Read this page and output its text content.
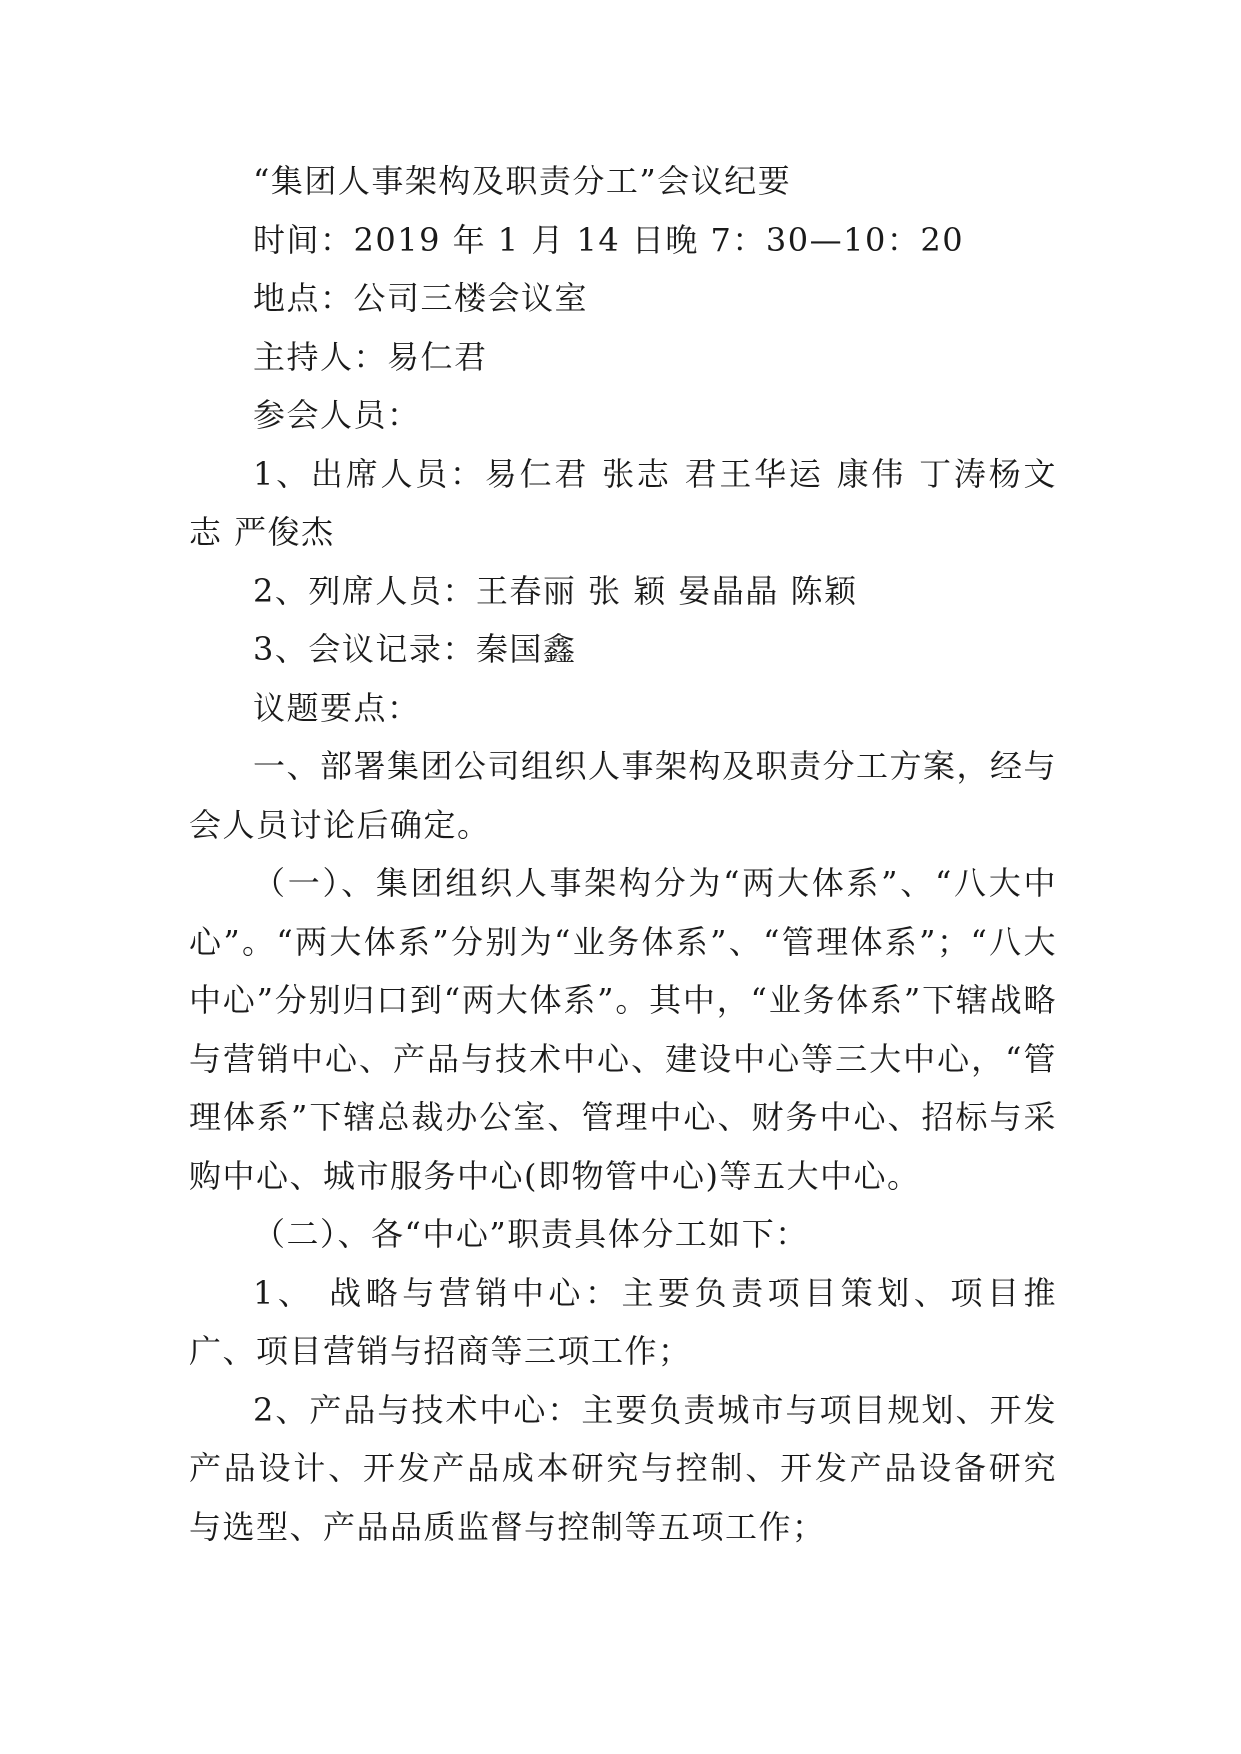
“集团人事架构及职责分工”会议纪要

时间：2019 年 1 月 14 日晚 7：30—10：20

地点：公司三楼会议室

主持人：易仁君

参会人员：

1、出席人员：易仁君 张志 君王华运 康伟 丁涛杨文志 严俊杰

2、列席人员：王春丽 张 颖 晏晶晶 陈颖

3、会议记录：秦国鑫

议题要点：

一、部署集团公司组织人事架构及职责分工方案，经与会人员讨论后确定。

（一）、集团组织人事架构分为“两大体系”、“八大中心”。“两大体系”分别为“业务体系”、“管理体系”；“八大中心”分别归口到“两大体系”。其中，“业务体系”下辖战略与营销中心、产品与技术中心、建设中心等三大中心，“管理体系”下辖总裁办公室、管理中心、财务中心、招标与采购中心、城市服务中心(即物管中心)等五大中心。

（二）、各“中心”职责具体分工如下：

1、 战略与营销中心：主要负责项目策划、项目推广、项目营销与招商等三项工作；

2、产品与技术中心：主要负责城市与项目规划、开发产品设计、开发产品成本研究与控制、开发产品设备研究与选型、产品品质监督与控制等五项工作；
